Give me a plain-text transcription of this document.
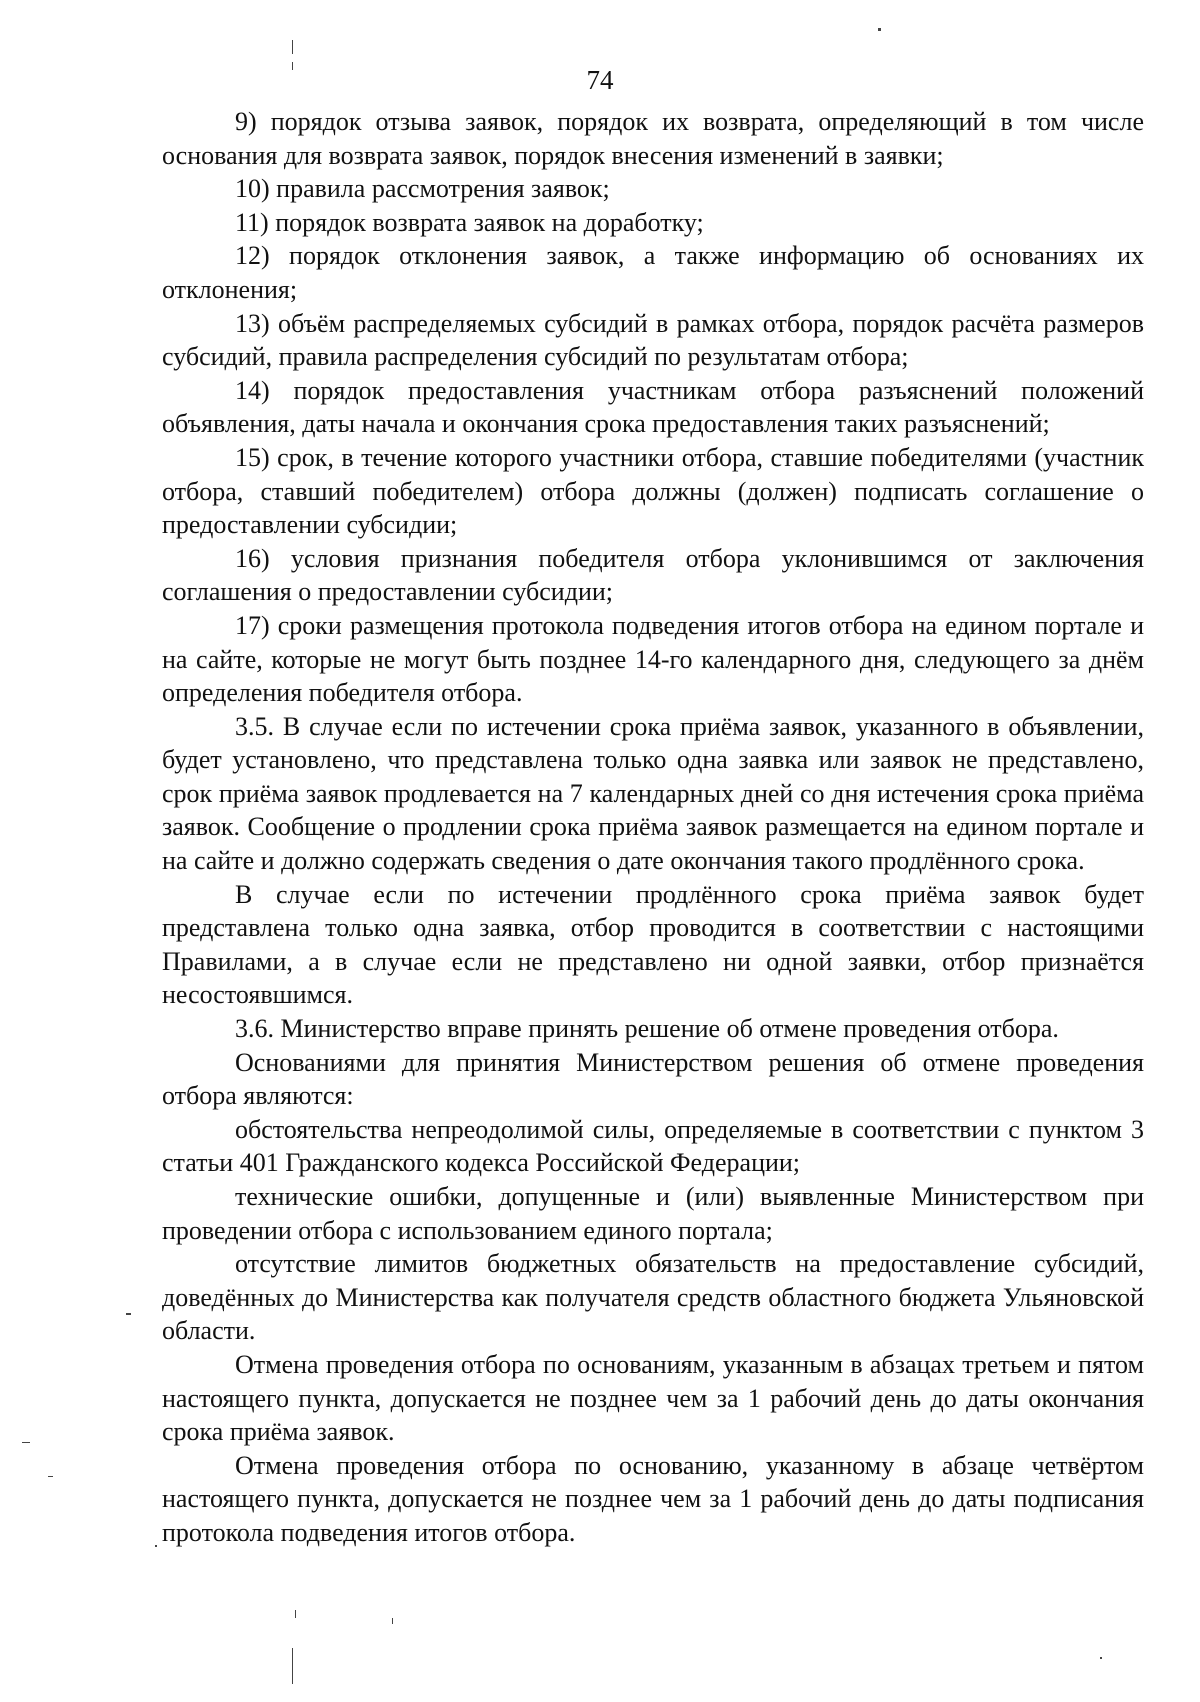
74

9) порядок отзыва заявок, порядок их возврата, определяющий в том числе основания для возврата заявок, порядок внесения изменений в заявки;

10) правила рассмотрения заявок;

11) порядок возврата заявок на доработку;

12) порядок отклонения заявок, а также информацию об основаниях их отклонения;

13) объём распределяемых субсидий в рамках отбора, порядок расчёта размеров субсидий, правила распределения субсидий по результатам отбора;

14) порядок предоставления участникам отбора разъяснений положений объявления, даты начала и окончания срока предоставления таких разъяснений;

15) срок, в течение которого участники отбора, ставшие победителями (участник отбора, ставший победителем) отбора должны (должен) подписать соглашение о предоставлении субсидии;

16) условия признания победителя отбора уклонившимся от заключения соглашения о предоставлении субсидии;

17) сроки размещения протокола подведения итогов отбора на едином портале и на сайте, которые не могут быть позднее 14-го календарного дня, следующего за днём определения победителя отбора.

3.5. В случае если по истечении срока приёма заявок, указанного в объявлении, будет установлено, что представлена только одна заявка или заявок не представлено, срок приёма заявок продлевается на 7 календарных дней со дня истечения срока приёма заявок. Сообщение о продлении срока приёма заявок размещается на едином портале и на сайте и должно содержать сведения о дате окончания такого продлённого срока.

В случае если по истечении продлённого срока приёма заявок будет представлена только одна заявка, отбор проводится в соответствии с настоящими Правилами, а в случае если не представлено ни одной заявки, отбор признаётся несостоявшимся.

3.6. Министерство вправе принять решение об отмене проведения отбора.

Основаниями для принятия Министерством решения об отмене проведения отбора являются:

обстоятельства непреодолимой силы, определяемые в соответствии с пунктом 3 статьи 401 Гражданского кодекса Российской Федерации;

технические ошибки, допущенные и (или) выявленные Министерством при проведении отбора с использованием единого портала;

отсутствие лимитов бюджетных обязательств на предоставление субсидий, доведённых до Министерства как получателя средств областного бюджета Ульяновской области.

Отмена проведения отбора по основаниям, указанным в абзацах третьем и пятом настоящего пункта, допускается не позднее чем за 1 рабочий день до даты окончания срока приёма заявок.

Отмена проведения отбора по основанию, указанному в абзаце четвёртом настоящего пункта, допускается не позднее чем за 1 рабочий день до даты подписания протокола подведения итогов отбора.
